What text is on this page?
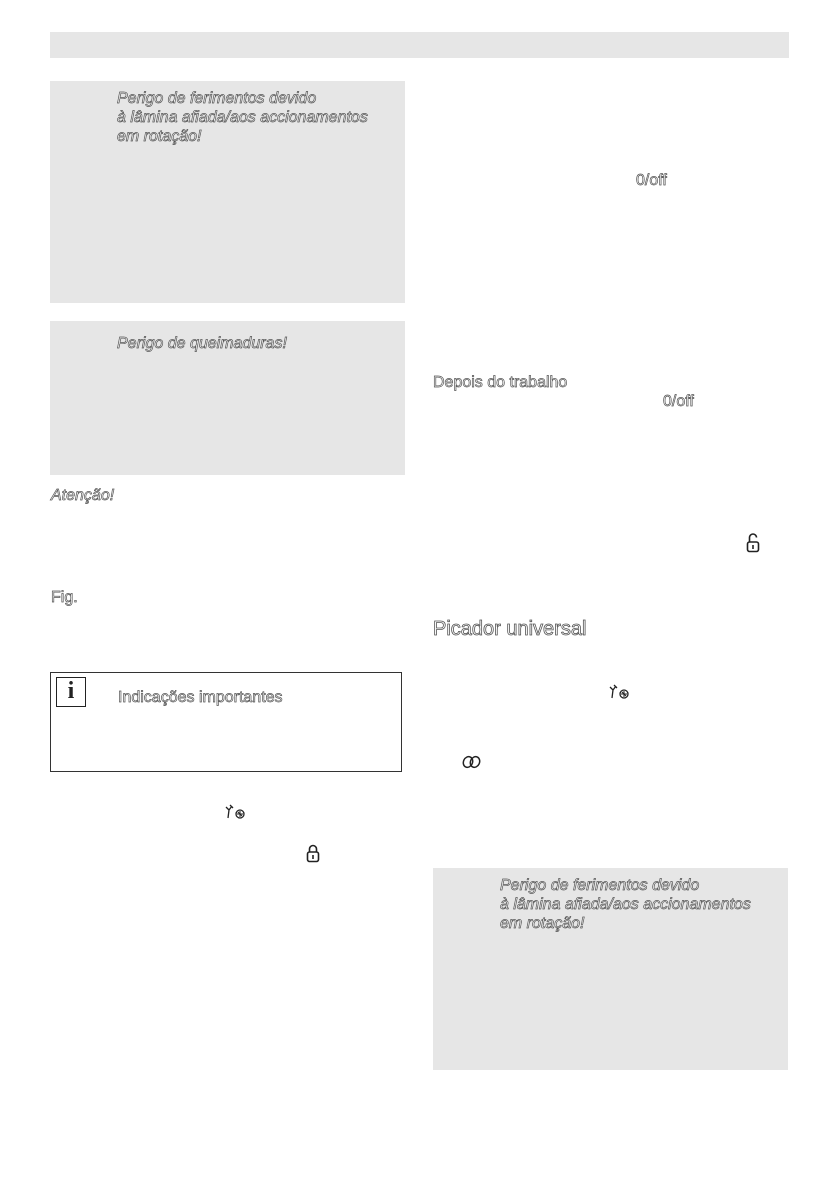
Perigo de ferimentos devido
à lâmina afiada/aos accionamentos
em rotação!
Perigo de queimaduras!
Atenção!
Fig.
i	Indicações importantes
0/off
Depois do trabalho
0/off
Picador universal
Perigo de ferimentos devido
à lâmina afiada/aos accionamentos
em rotação!
